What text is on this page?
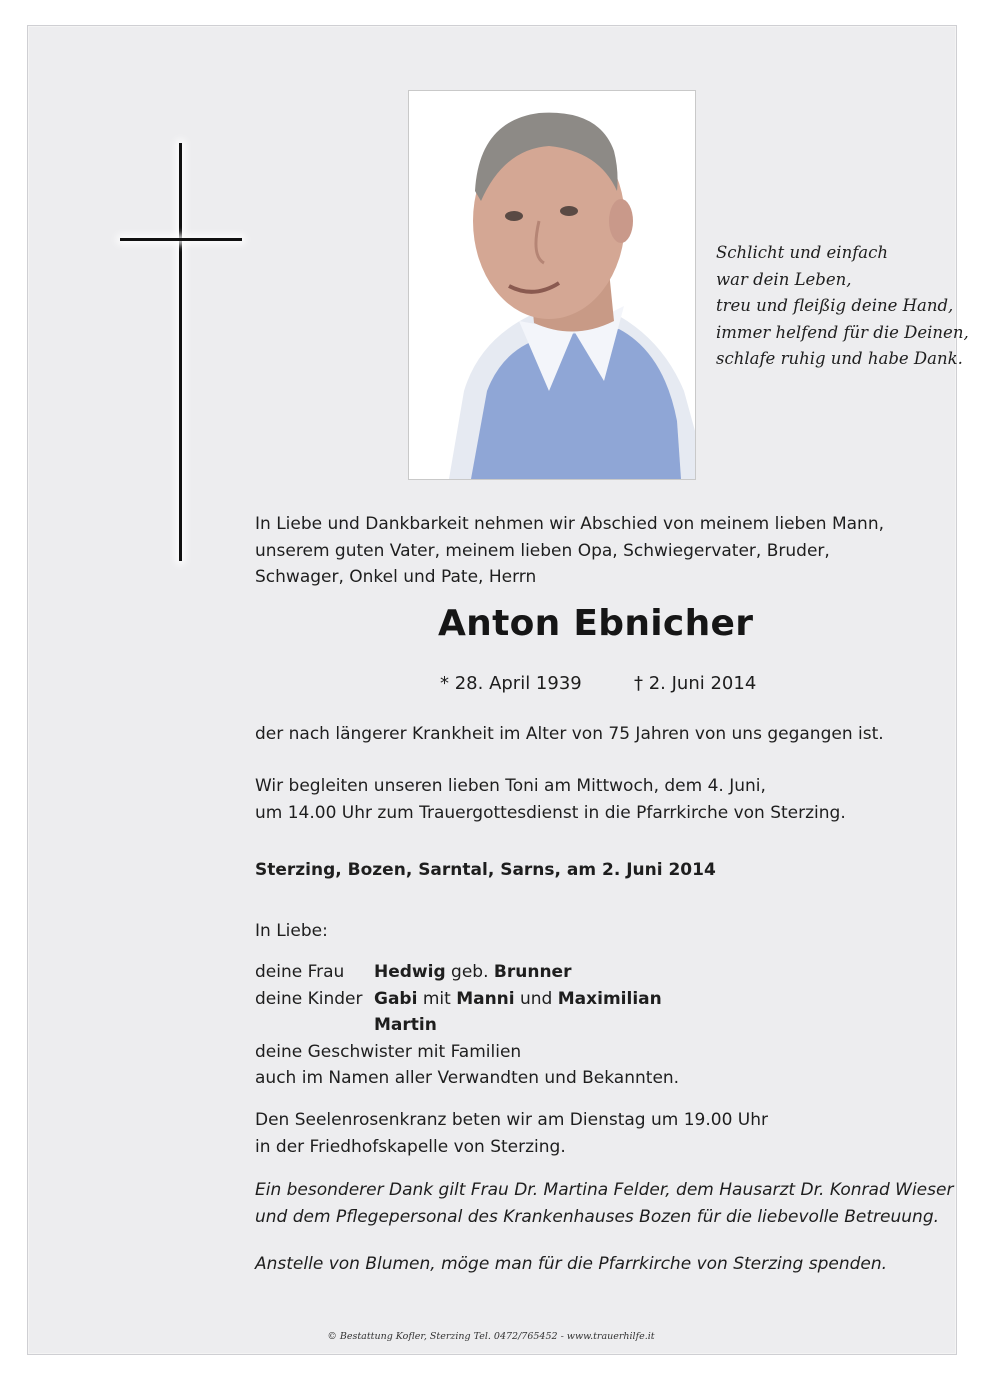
Schlicht und einfach
war dein Leben,
treu und fleißig deine Hand,
immer helfend für die Deinen,
schlafe ruhig und habe Dank.
In Liebe und Dankbarkeit nehmen wir Abschied von meinem lieben Mann,
unserem guten Vater, meinem lieben Opa, Schwiegervater, Bruder,
Schwager, Onkel und Pate, Herrn
Anton Ebnicher
* 28. April 1939	† 2. Juni 2014
der nach längerer Krankheit im Alter von 75 Jahren von uns gegangen ist.
Wir begleiten unseren lieben Toni am Mittwoch, dem 4. Juni,
um 14.00 Uhr zum Trauergottesdienst in die Pfarrkirche von Sterzing.
Sterzing, Bozen, Sarntal, Sarns, am 2. Juni 2014
In Liebe:
deine Frau Hedwig geb. Brunner
deine Kinder Gabi mit Manni und Maximilian
Martin
deine Geschwister mit Familien
auch im Namen aller Verwandten und Bekannten.
Den Seelenrosenkranz beten wir am Dienstag um 19.00 Uhr
in der Friedhofskapelle von Sterzing.
Ein besonderer Dank gilt Frau Dr. Martina Felder, dem Hausarzt Dr. Konrad Wieser
und dem Pflegepersonal des Krankenhauses Bozen für die liebevolle Betreuung.
Anstelle von Blumen, möge man für die Pfarrkirche von Sterzing spenden.
© Bestattung Kofler, Sterzing Tel. 0472/765452 - www.trauerhilfe.it
